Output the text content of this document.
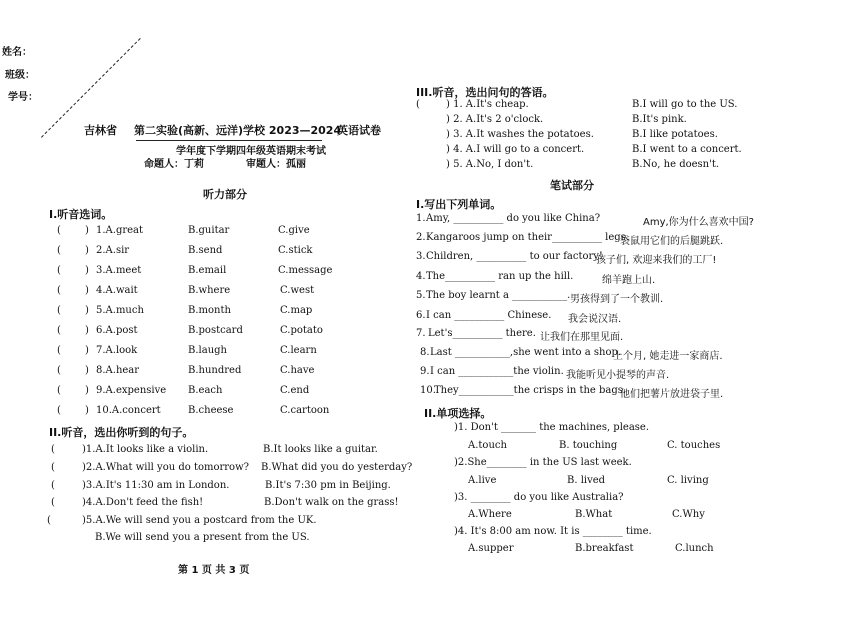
姓名：
班级：
学号：
吉林省 第二实验(高新、远洋)学校 2023—2024
英语试卷
学年度下学期四年级英语期末考试
命题人：丁莉	审题人：孤丽
听力部分
I.听音选词。
( ) 1.A.great	B.guitar	C.give
( ) 2.A.sir	B.send	C.stick
( ) 3.A.meet	B.email	C.message
( ) 4.A.wait	B.where	C.west
( ) 5.A.much	B.month	C.map
( ) 6.A.post	B.postcard	C.potato
( ) 7.A.look	B.laugh	C.learn
( ) 8.A.hear	B.hundred	C.have
( ) 9.A.expensive B.each	C.end
( ) 10.A.concert	B.cheese	C.cartoon
II.听音，选出你听到的句子。
(	)1.A.It looks like a violin.	B.It looks like a guitar.
(	)2.A.What will you do tomorrow? B.What did you do yesterday?
(	)3.A.It's 11:30 am in London.	B.It's 7:30 pm in Beijing.
(	)4.A.Don't feed the fish!	B.Don't walk on the grass!
(	)5.A.We will send you a postcard from the UK.
B.We will send you a present from the US.
第 1 页 共 3 页
III.听音，选出问句的答语。
(	) 1. A.It's cheap.	B.I will go to the US.
) 2. A.It's 2 o'clock.	B.It's pink.
) 3. A.It washes the potatoes.	B.I like potatoes.
) 4. A.I will go to a concert.	B.I went to a concert.
) 5. A.No, I don't.	B.No, he doesn't.
笔试部分
I.写出下列单词。
1. Amy, __________ do you like China?	Amy,你为什么喜欢中国?
2. Kangaroos jump on their__________ legs.
袋鼠用它们的后腿跳跃.
3. Children, __________ to our factory!
孩子们, 欢迎来我们的工厂!
4. The__________ ran up the hill.	绵羊跑上山.
5. The boy learnt a ___________. 男孩得到了一个教训.
6. I can __________ Chinese. 我会说汉语.
7. Let's__________ there. 让我们在那里见面.
8. Last ___________,she went into a shop.
上个月, 她走进一家商店.
9. I can ___________the violin. 我能听见小提琴的声音.
10.
They___________the crisps in the bags.
他们把薯片放进袋子里.
II.单项选择。
)1. Don't _______ the machines, please.
A.touch	B. touching	C. touches
)2.She________ in the US last week.
A.live	B. lived	C. living
)3. ________ do you like Australia?
A.Where	B.What	C.Why
)4. It's 8:00 am now. It is ________ time.
A.supper	B.breakfast	C.lunch
